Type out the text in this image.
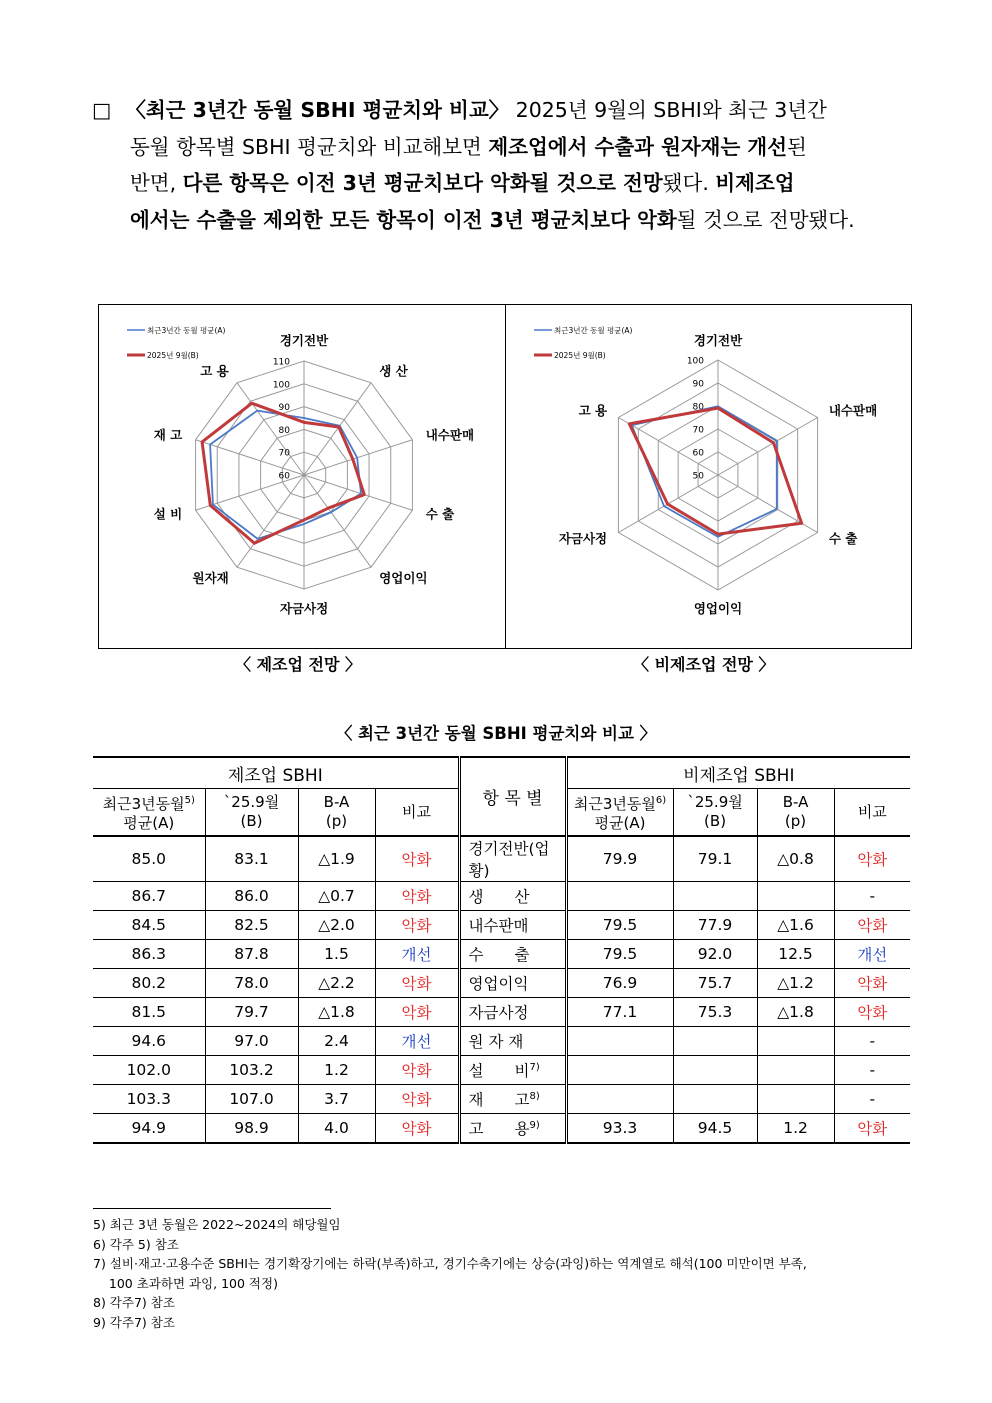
□ 〈최근 3년간 동월 SBHI 평균치와 비교〉 2025년 9월의 SBHI와 최근 3년간
동월 항목별 SBHI 평균치와 비교해보면 제조업에서 수출과 원자재는 개선된
반면, 다른 항목은 이전 3년 평균치보다 악화될 것으로 전망됐다. 비제조업
에서는 수출을 제외한 모든 항목이 이전 3년 평균치보다 악화될 것으로 전망됐다.
최근3년간 동월 평균(A)
2025년 9월(B)
60
70
80
90
100
110
경기전반
생 산
내수판매
수 출
영업이익
자금사정
원자재
설 비
재 고
고 용
최근3년간 동월 평균(A)
2025년 9월(B)
50
60
70
80
90
100
경기전반
내수판매
수 출
영업이익
자금사정
고 용
〈 제조업 전망 〉	〈 비제조업 전망 〉
〈 최근 3년간 동월 SBHI 평균치와 비교 〉
제조업 SBHI				항 목 별	비제조업 SBHI			
최근3년동월$^{5)}$
평균(A)	`25.9월
(B)	B-A
(p)	비교		최근3년동월$^{6)}$
평균(A)	`25.9월
(B)	B-A
(p)	비교
85.0	83.1	△1.9	악화	경기전반(업황)	79.9	79.1	△0.8	악화
86.7	86.0	△0.7	악화	생　　산				-
84.5	82.5	△2.0	악화	내수판매	79.5	77.9	△1.6	악화
86.3	87.8	1.5	개선	수　　출	79.5	92.0	12.5	개선
80.2	78.0	△2.2	악화	영업이익	76.9	75.7	△1.2	악화
81.5	79.7	△1.8	악화	자금사정	77.1	75.3	△1.8	악화
94.6	97.0	2.4	개선	원 자 재				-
102.0	103.2	1.2	악화	설　　비$^{7)}$				-
103.3	107.0	3.7	악화	재　　고$^{8)}$				-
94.9	98.9	4.0	악화	고　　용$^{9)}$	93.3	94.5	1.2	악화
5) 최근 3년 동월은 2022~2024의 해당월임
6) 각주 5) 참조
7) 설비·재고·고용수준 SBHI는 경기확장기에는 하락(부족)하고, 경기수축기에는 상승(과잉)하는 역계열로 해석(100 미만이면 부족,
100 초과하면 과잉, 100 적정)
8) 각주7) 참조
9) 각주7) 참조
